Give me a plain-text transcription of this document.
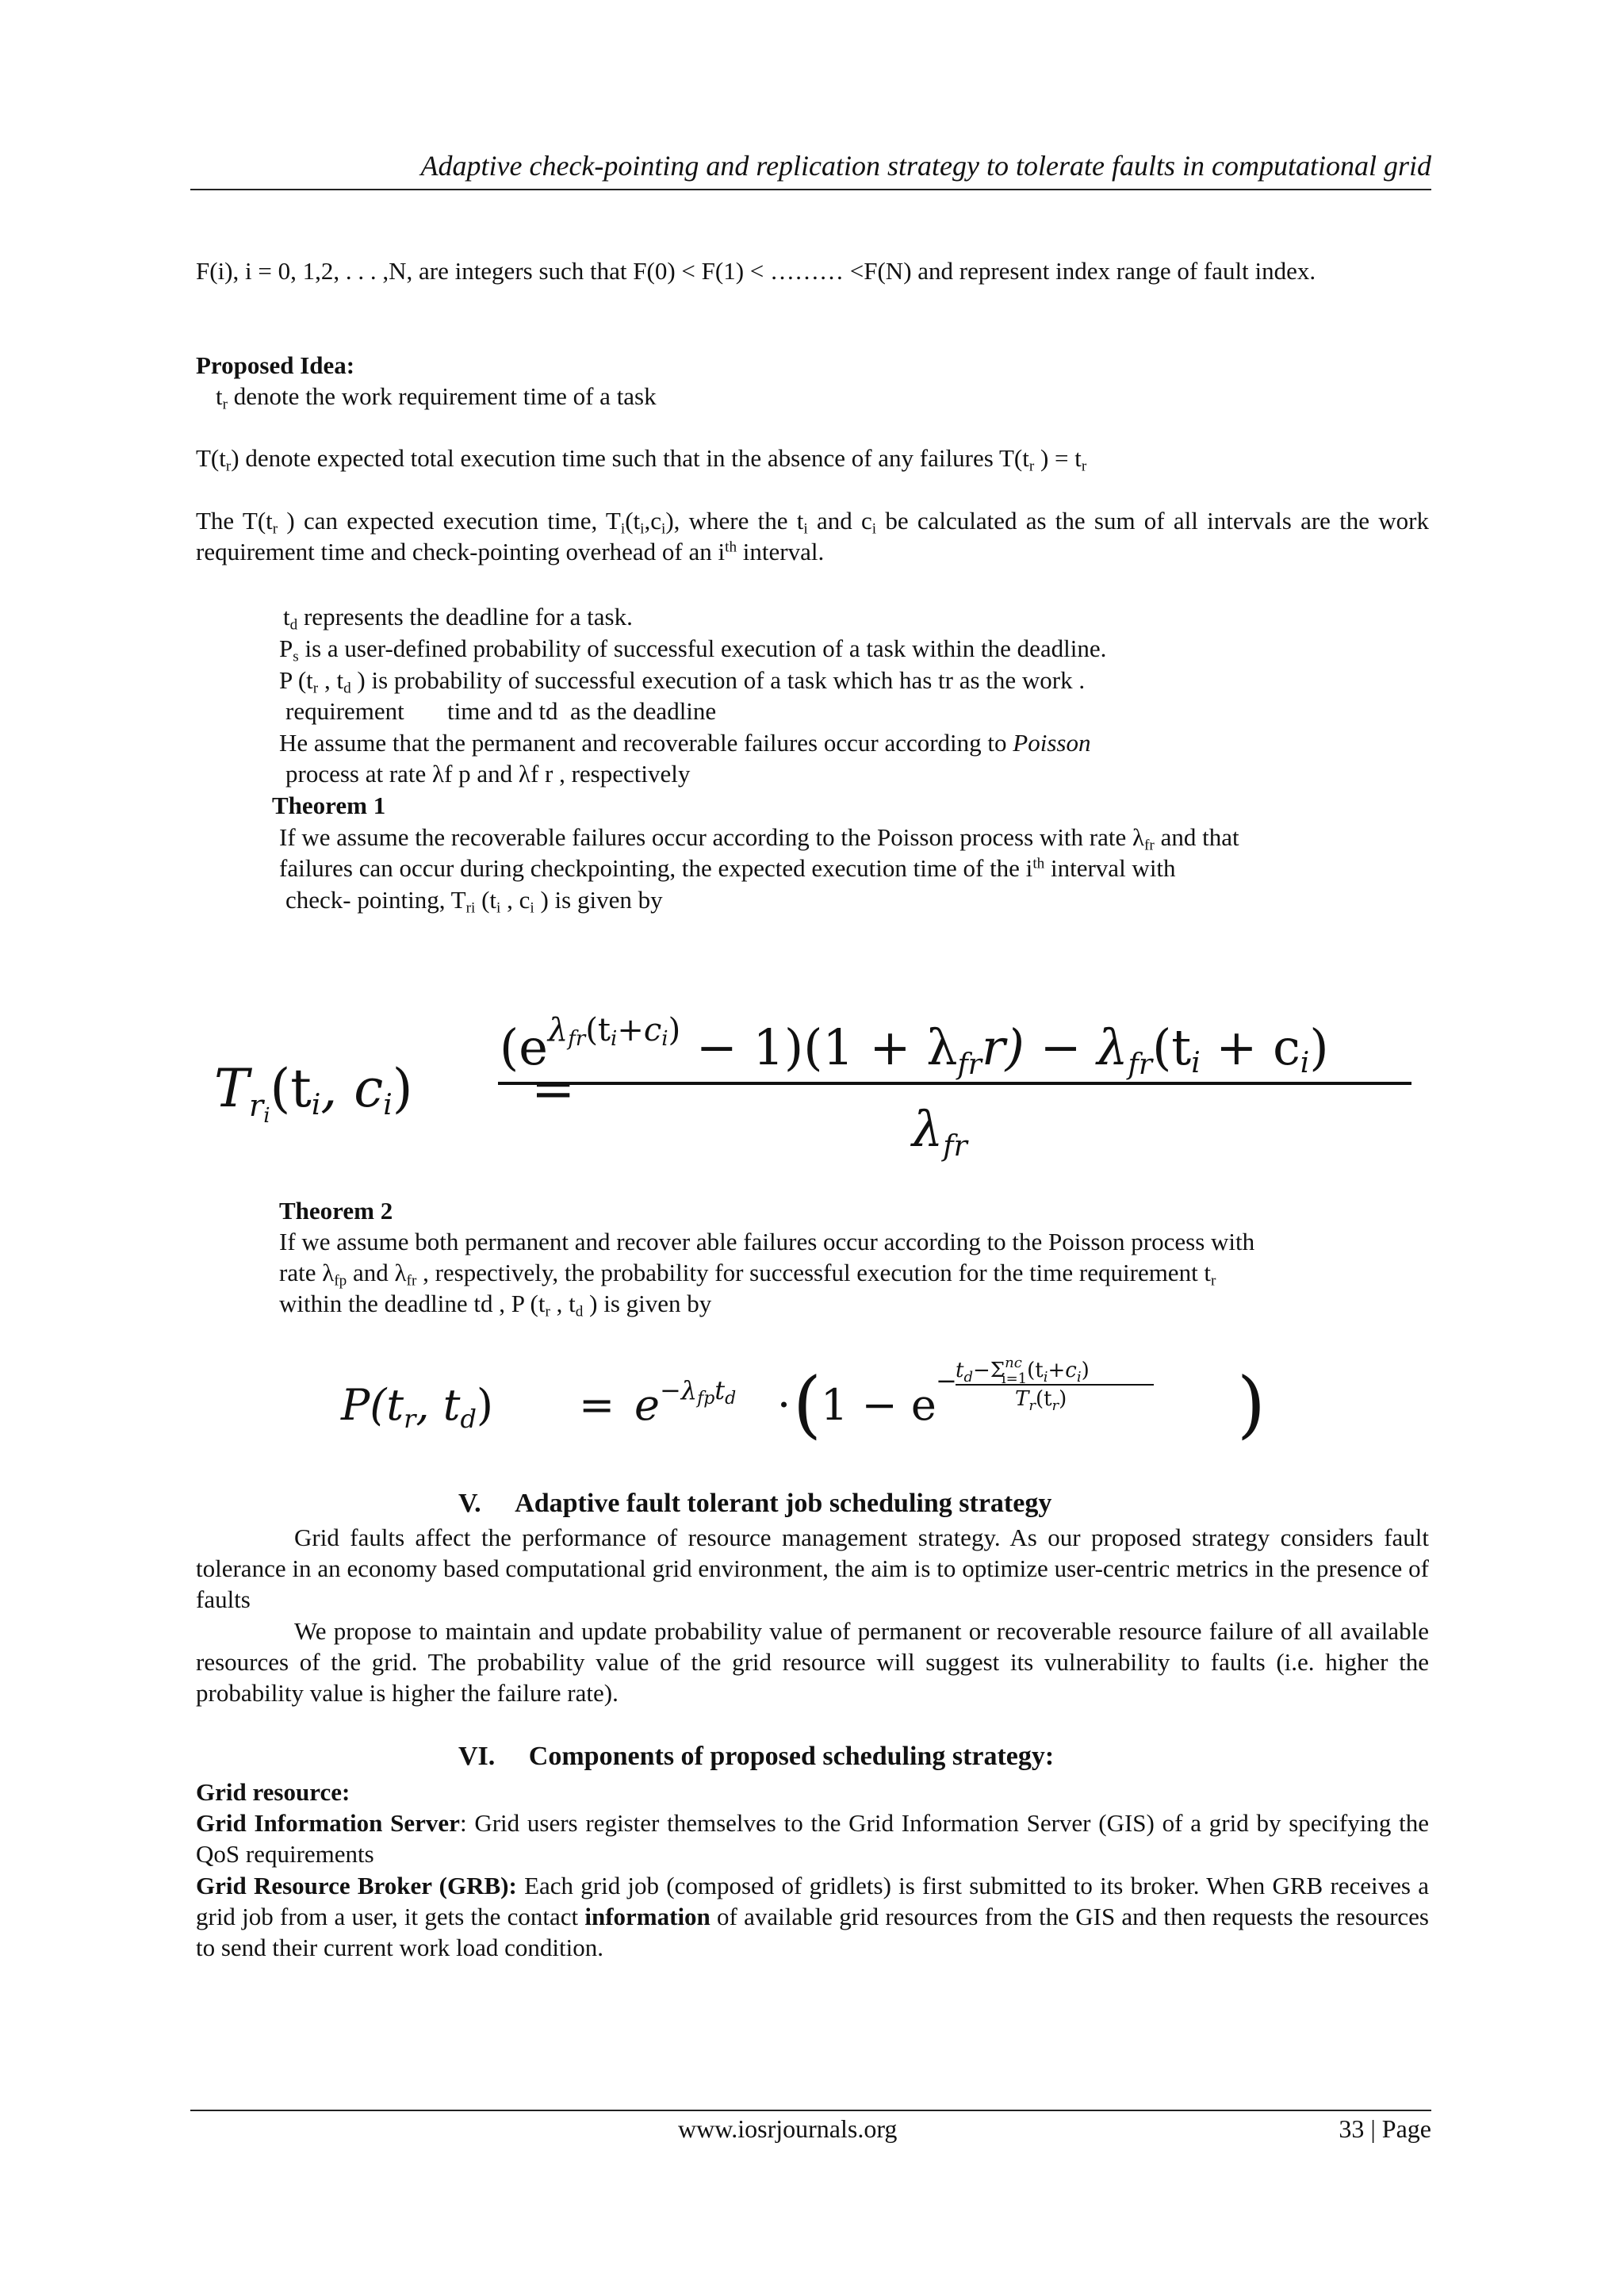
Adaptive check-pointing and replication strategy to tolerate faults in computational grid
F(i), i = 0, 1,2, . . . ,N, are integers such that F(0) < F(1) < ……… <F(N) and represent index range of fault index.
Proposed Idea:
$t_r$ denote the work requirement time of a task
$T(t_r)$ denote expected total execution time such that in the absence of any failures $T(t_r$ ) = $t_r$
The $T(t_r$ ) can expected execution time, $T_i(t_i,c_i)$, where the $t_i$ and $c_i$ be calculated as the sum of all intervals are the work requirement time and check-pointing overhead of an $i^{th}$ interval.
$t_d$ represents the deadline for a task.
$P_s$ is a user-defined probability of successful execution of a task within the deadline.
P ($t_r$ , $t_d$ ) is probability of successful execution of a task which has tr as the work .
requirement       time and td  as the deadline
He assume that the permanent and recoverable failures occur according to Poisson
process at rate λf p and λf r , respectively
Theorem 1
If we assume the recoverable failures occur according to the Poisson process with rate $\lambda_{fr}$ and that
failures can occur during checkpointing, the expected execution time of the $i^{th}$ interval with
check- pointing, $T_{ri}$ ($t_i$ , $c_i$ ) is given by
Tri(ti, ci) =
$(e^\lambda fr(ti+ci) - 1)(1 + \lambda frr) - \lambda fr(ti + ci)$
λfr
Theorem 2
If we assume both permanent and recover able failures occur according to the Poisson process with
rate $\lambda_{fp}$ and $\lambda_{fr}$ , respectively, the probability for successful execution for the time requirement $t_r$
within the deadline td , P ($t_r$ , $t_d$ ) is given by
P(tr, $td) = e^{-\lambda}fptd$ · ( 1 − e −
$t_d-\Sigma^{nc}$ $i=1(t_i+c_i)$
$T_r(t_r)$ )
V. Adaptive fault tolerant job scheduling strategy
Grid faults affect the performance of resource management strategy. As our proposed strategy considers fault tolerance in an economy based computational grid environment, the aim is to optimize user-centric metrics in the presence of faults
We propose to maintain and update probability value of permanent or recoverable resource failure of all available resources of the grid. The probability value of the grid resource will suggest its vulnerability to faults (i.e. higher the probability value is higher the failure rate).
VI. Components of proposed scheduling strategy:
Grid resource:
Grid Information Server: Grid users register themselves to the Grid Information Server (GIS) of a grid by specifying the QoS requirements
Grid Resource Broker (GRB): Each grid job (composed of gridlets) is first submitted to its broker. When GRB receives a grid job from a user, it gets the contact information of available grid resources from the GIS and then requests the resources to send their current work load condition.
www.iosrjournals.org	33 | Page
